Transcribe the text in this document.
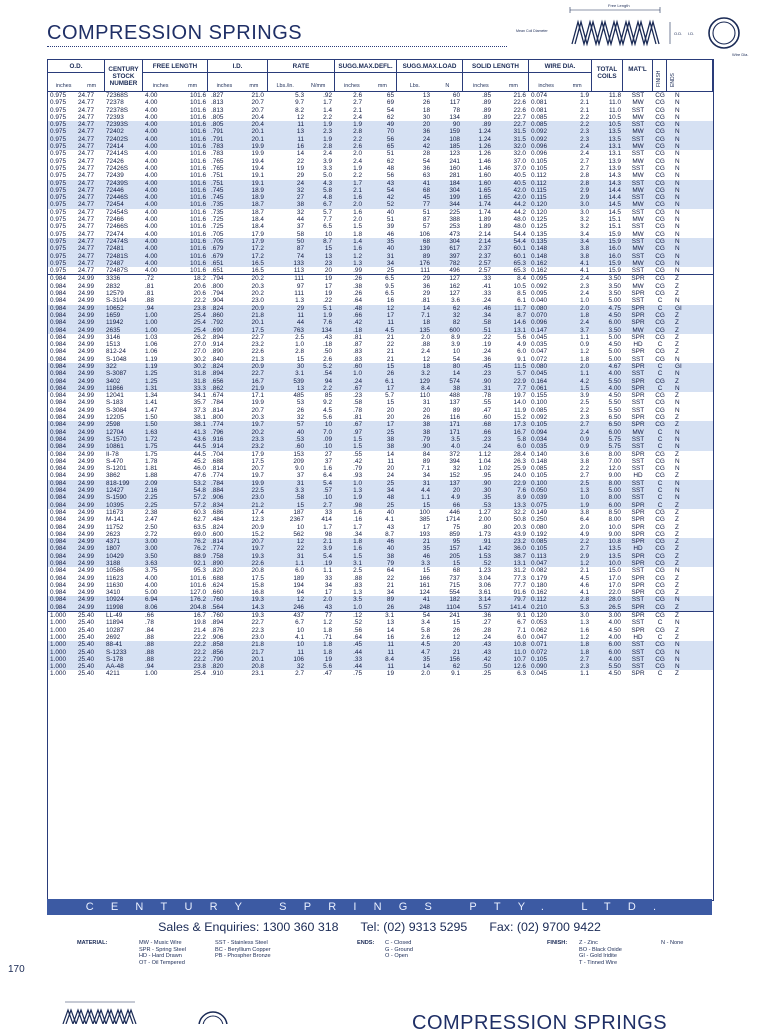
COMPRESSION SPRINGS
Free Length
Mean Coil Diameter	O.D. I.D.
Wire Dia.
O.D.
inches	mm
CENTURY STOCK NUMBER
FREE LENGTH
inches	mm
I.D.
inches	mm
RATE
Lbs./in.	N/mm
SUGG.MAX.DEFL.
inches	mm
SUGG.MAX.LOAD
Lbs.	N
SOLID LENGTH
inches	mm
WIRE DIA.
inches	mm
TOTAL COILS
MAT'L
FINISH ENDS
0.975	24.77	72368S	4.00	101.6 .827	21.0	5.3	.92	2.6	65	13	60	.85	21.6 0.074	1.9	11.8	SST	CG	N
0.975	24.77	72378	4.00	101.6 .813	20.7	9.7	1.7	2.7	69	26	117	.89	22.6 0.081	2.1	11.0	MW	CG	N
0.975	24.77	72378S	4.00	101.6 .813	20.7	8.2	1.4	2.1	54	18	78	.89	22.6 0.081	2.1	11.0	SST	CG	N
0.975	24.77	72393	4.00	101.6 .805	20.4	12	2.2	2.4	62	30	134	.89	22.7 0.085	2.2	10.5	MW	CG	N
0.975	24.77	72393S	4.00	101.6 .805	20.4	11	1.9	1.9	49	20	90	.89	22.7 0.085	2.2	10.5	SST	CG	N
0.975	24.77	72402	4.00	101.6 .791	20.1	13	2.3	2.8	70	36	159	1.24	31.5 0.092	2.3	13.5	MW	CG	N
0.975	24.77	72402S	4.00	101.6 .791	20.1	11	1.9	2.2	56	24	108	1.24	31.5 0.092	2.3	13.5	SST	CG	N
0.975	24.77	72414	4.00	101.6 .783	19.9	16	2.8	2.6	65	42	185	1.26	32.0 0.096	2.4	13.1	MW	CG	N
0.975	24.77	72414S	4.00	101.6 .783	19.9	14	2.4	2.0	51	28	123	1.26	32.0 0.096	2.4	13.1	SST	CG	N
0.975	24.77	72426	4.00	101.6 .765	19.4	22	3.9	2.4	62	54	241	1.46	37.0 0.105	2.7	13.9	MW	CG	N
0.975	24.77	72426S	4.00	101.6 .765	19.4	19	3.3	1.9	48	36	160	1.46	37.0 0.105	2.7	13.9	SST	CG	N
0.975	24.77	72439	4.00	101.6 .751	19.1	29	5.0	2.2	56	63	281	1.60	40.5 0.112	2.8	14.3	MW	CG	N
0.975	24.77	72439S	4.00	101.6 .751	19.1	24	4.3	1.7	43	41	184	1.60	40.5 0.112	2.8	14.3	SST	CG	N
0.975	24.77	72446	4.00	101.6 .745	18.9	32	5.8	2.1	54	68	304	1.65	42.0 0.115	2.9	14.4	MW	CG	N
0.975	24.77	72446S	4.00	101.6 .745	18.9	27	4.8	1.6	42	45	199	1.65	42.0 0.115	2.9	14.4	SST	CG	N
0.975	24.77	72454	4.00	101.6 .735	18.7	38	6.7	2.0	52	77	344	1.74	44.2 0.120	3.0	14.5	MW	CG	N
0.975	24.77	72454S	4.00	101.6 .735	18.7	32	5.7	1.6	40	51	225	1.74	44.2 0.120	3.0	14.5	SST	CG	N
0.975	24.77	72466	4.00	101.6 .725	18.4	44	7.7	2.0	51	87	388	1.89	48.0 0.125	3.2	15.1	MW	CG	N
0.975	24.77	72466S	4.00	101.6 .725	18.4	37	6.5	1.5	39	57	253	1.89	48.0 0.125	3.2	15.1	SST	CG	N
0.975	24.77	72474	4.00	101.6 .705	17.9	58	10	1.8	46	106	473	2.14	54.4 0.135	3.4	15.9	MW	CG	N
0.975	24.77	72474S	4.00	101.6 .705	17.9	50	8.7	1.4	35	68	304	2.14	54.4 0.135	3.4	15.9	SST	CG	N
0.975	24.77	72481	4.00	101.6 .679	17.2	87	15	1.6	40	139	617	2.37	60.1 0.148	3.8	16.0	MW	CG	N
0.975	24.77	72481S	4.00	101.6 .679	17.2	74	13	1.2	31	89	397	2.37	60.1 0.148	3.8	16.0	SST	CG	N
0.975	24.77	72487	4.00	101.6 .651	16.5	133	23	1.3	34	176	782	2.57	65.3 0.162	4.1	15.9	MW	CG	N
0.975	24.77	72487S	4.00	101.6 .651	16.5	113	20	.99	25	111	496	2.57	65.3 0.162	4.1	15.9	SST	CG	N
0.984	24.99	3336	.72	18.2 .794	20.2	111	19	.26	6.5	29	127	.33	8.4 0.095	2.4	3.50	SPR	CG	Z
0.984	24.99	2832	.81	20.6 .800	20.3	97	17	.38	9.5	36	162	.41	10.5 0.092	2.3	3.50	MW	CG	Z
0.984	24.99	12579	.81	20.6 .794	20.2	111	19	.26	6.5	29	127	.33	8.5 0.095	2.4	3.50	SPR	CG	Z
0.984	24.99	S-3104	.88	22.2 .904	23.0	1.3	.22	.64	16	.81	3.6	.24	6.1 0.040	1.0	5.00	SST	C	N
0.984	24.99	10652	.94	23.8 .824	20.9	29	5.1	.48	12	14	62	.46	11.7 0.080	2.0	4.75	SPR	C	GI
0.984	24.99	1659	1.00	25.4 .860	21.8	11	1.9	.66	17	7.1	32	.34	8.7 0.070	1.8	4.50	SPR	CG	Z
0.984	24.99	11942	1.00	25.4 .792	20.1	44	7.6	.42	11	18	82	.58	14.6 0.096	2.4	6.00	SPR	CG	Z
0.984	24.99	2635	1.00	25.4 .690	17.5	763	134	.18	4.5	135	600	.51	13.1 0.147	3.7	3.50	MW	CG	Z
0.984	24.99	3146	1.03	26.2 .894	22.7	2.5	.43	.81	21	2.0	8.9	.22	5.6 0.045	1.1	5.00	SPR	CG	Z
0.984	24.99	1513	1.06	27.0 .914	23.2	1.0	.18	.87	22	.88	3.9	.19	4.9 0.035	0.9	4.50	HD	C	Z
0.984	24.99	812-24	1.06	27.0 .890	22.6	2.8	.50	.83	21	2.4	10	.24	6.0 0.047	1.2	5.00	SPR	CG	Z
0.984	24.99	S-1048	1.19	30.2 .840	21.3	15	2.6	.83	21	12	54	.36	9.1 0.072	1.8	5.00	SST	CG	N
0.984	24.99	322	1.19	30.2 .824	20.9	30	5.2	.60	15	18	80	.45	11.5 0.080	2.0	4.67	SPR	C	GI
0.984	24.99	S-3087	1.25	31.8 .894	22.7	3.1	.54	1.0	26	3.2	14	.23	5.7 0.045	1.1	4.00	SST	C	N
0.984	24.99	3402	1.25	31.8 .656	16.7	539	94	.24	6.1	129	574	.90	22.9 0.164	4.2	5.50	SPR	CG	Z
0.984	24.99	11866	1.31	33.3 .862	21.9	13	2.2	.67	17	8.4	38	.31	7.7 0.061	1.5	4.00	SPR	C	N
0.984	24.99	12041	1.34	34.1 .674	17.1	485	85	.23	5.7	110	488	.78	19.7 0.155	3.9	4.50	SPR	CG	Z
0.984	24.99	S-183	1.41	35.7 .784	19.9	53	9.2	.58	15	31	137	.55	14.0 0.100	2.5	5.50	SST	CG	N
0.984	24.99	S-3084	1.47	37.3 .814	20.7	26	4.5	.78	20	20	89	.47	11.9 0.085	2.2	5.50	SST	CG	N
0.984	24.99	12205	1.50	38.1 .800	20.3	32	5.6	.81	20	26	116	.60	15.2 0.092	2.3	6.50	SPR	CG	Z
0.984	24.99	2598	1.50	38.1 .774	19.7	57	10	.67	17	38	171	.68	17.3 0.105	2.7	6.50	SPR	CG	Z
0.984	24.99	12704	1.63	41.3 .796	20.2	40	7.0	.97	25	38	171	.66	16.7 0.094	2.4	6.00	MW	C	N
0.984	24.99	S-1570	1.72	43.6 .916	23.3	.53	.09	1.5	38	.79	3.5	.23	5.8 0.034	0.9	5.75	SST	C	N
0.984	24.99	10861	1.75	44.5 .914	23.2	.60	.10	1.5	38	.90	4.0	.24	6.0 0.035	0.9	5.75	SST	C	N
0.984	24.99	II-78	1.75	44.5 .704	17.9	153	27	.55	14	84	372	1.12	28.4 0.140	3.6	8.00	SPR	CG	Z
0.984	24.99	S-470	1.78	45.2 .688	17.5	209	37	.42	11	89	394	1.04	26.3 0.148	3.8	7.00	SST	CG	N
0.984	24.99	S-1201	1.81	46.0 .814	20.7	9.0	1.6	.79	20	7.1	32	1.02	25.9 0.085	2.2	12.0	SST	CG	N
0.984	24.99	3862	1.88	47.6 .774	19.7	37	6.4	.93	24	34	152	.95	24.0 0.105	2.7	9.00	HD	CG	Z
0.984	24.99	818-199	2.09	53.2 .784	19.9	31	5.4	1.0	25	31	137	.90	22.9 0.100	2.5	8.00	SST	C	N
0.984	24.99	12427	2.16	54.8 .884	22.5	3.3	.57	1.3	34	4.4	20	.30	7.6 0.050	1.3	5.00	SST	C	N
0.984	24.99	S-1590	2.25	57.2 .906	23.0	.58	.10	1.9	48	1.1	4.9	.35	8.9 0.039	1.0	8.00	SST	C	N
0.984	24.99	10395	2.25	57.2 .834	21.2	15	2.7	.98	25	15	66	.53	13.3 0.075	1.9	6.00	SPR	C	Z
0.984	24.99	11673	2.38	60.3 .686	17.4	187	33	1.6	40	100	446	1.27	32.2 0.149	3.8	8.50	SPR	CG	Z
0.984	24.99	M-141	2.47	62.7 .484	12.3	2367	414	.16	4.1	385	1714	2.00	50.8 0.250	6.4	8.00	SPR	CG	Z
0.984	24.99	11752	2.50	63.5 .824	20.9	10	1.7	1.7	43	17	75	.80	20.3 0.080	2.0	10.0	SPR	CG	Z
0.984	24.99	2623	2.72	69.0 .600	15.2	562	98	.34	8.7	193	859	1.73	43.9 0.192	4.9	9.00	SPR	CG	Z
0.984	24.99	4371	3.00	76.2 .814	20.7	12	2.1	1.8	46	21	95	.91	23.2 0.085	2.2	10.8	SPR	CG	Z
0.984	24.99	1807	3.00	76.2 .774	19.7	22	3.9	1.6	40	35	157	1.42	36.0 0.105	2.7	13.5	HD	CG	Z
0.984	24.99	10429	3.50	88.9 .758	19.3	31	5.4	1.5	38	46	205	1.53	38.7 0.113	2.9	13.5	SPR	CG	Z
0.984	24.99	3188	3.63	92.1 .890	22.6	1.1	.19	3.1	79	3.3	15	.52	13.1 0.047	1.2	10.0	SPR	CG	Z
0.984	24.99	10586	3.75	95.3 .820	20.8	6.0	1.1	2.5	64	15	68	1.23	31.2 0.082	2.1	15.0	SST	CG	N
0.984	24.99	11623	4.00	101.6 .688	17.5	189	33	.88	22	166	737	3.04	77.3 0.179	4.5	17.0	SPR	CG	Z
0.984	24.99	11630	4.00	101.6 .624	15.8	194	34	.83	21	161	715	3.06	77.7 0.180	4.6	17.0	SPR	CG	Z
0.984	24.99	3410	5.00	127.0 .660	16.8	94	17	1.3	34	124	554	3.61	91.6 0.162	4.1	22.0	SPR	CG	Z
0.984	24.99	10924	6.94	176.2 .760	19.3	12	2.0	3.5	89	41	182	3.14	79.7 0.112	2.8	28.0	SST	CG	N
0.984	24.99	11998	8.06	204.8 .564	14.3	246	43	1.0	26	248	1104	5.57	141.4 0.210	5.3	26.5	SPR	CG	Z
1.000	25.40	LL-49	.66	16.7 .760	19.3	437	77	.12	3.1	54	241	.36	9.1 0.120	3.0	3.00	SPR	CG	Z
1.000	25.40	11894	.78	19.8 .894	22.7	6.7	1.2	.52	13	3.4	15	.27	6.7 0.053	1.3	4.00	SST	C	N
1.000	25.40	10287	.84	21.4 .876	22.3	10	1.8	.56	14	5.8	26	.28	7.1 0.062	1.6	4.50	SPR	CG	Z
1.000	25.40	2692	.88	22.2 .906	23.0	4.1	.71	.64	16	2.6	12	.24	6.0 0.047	1.2	4.00	HD	C	Z
1.000	25.40	88-41	.88	22.2 .858	21.8	10	1.8	.45	11	4.5	20	.43	10.8 0.071	1.8	6.00	SST	CG	N
1.000	25.40	S-1233	.88	22.2 .856	21.7	11	1.8	.44	11	4.7	21	.43	11.0 0.072	1.8	6.00	SST	CG	N
1.000	25.40	S-178	.88	22.2 .790	20.1	106	19	.33	8.4	35	156	.42	10.7 0.105	2.7	4.00	SST	CG	N
1.000	25.40	AA-48	.94	23.8 .820	20.8	32	5.6	.44	11	14	62	.50	12.6 0.090	2.3	5.50	SST	CG	N
1.000	25.40	4211	1.00	25.4 .910	23.1	2.7	.47	.75	19	2.0	9.1	.25	6.3 0.045	1.1	4.50	SPR	C	Z
CENTURY SPRINGS PTY. LTD.
Sales & Enquiries: 1300 360 318 Tel: (02) 9313 5295 Fax: (02) 9700 9422
MATERIAL:	MW - Music Wire
SPR - Spring Steel
HD - Hard Drawn
OT - Oil Tempered
SST - Stainless Steel
BC - Beryllium Copper
PB - Phospher Bronze
ENDS: C - Closed
G - Ground
O - Open
FINISH: Z - Zinc
BO - Black Oxide
GI - Gold Iridite
T - Tinned Wire
N - None
170
COMPRESSION SPRINGS
